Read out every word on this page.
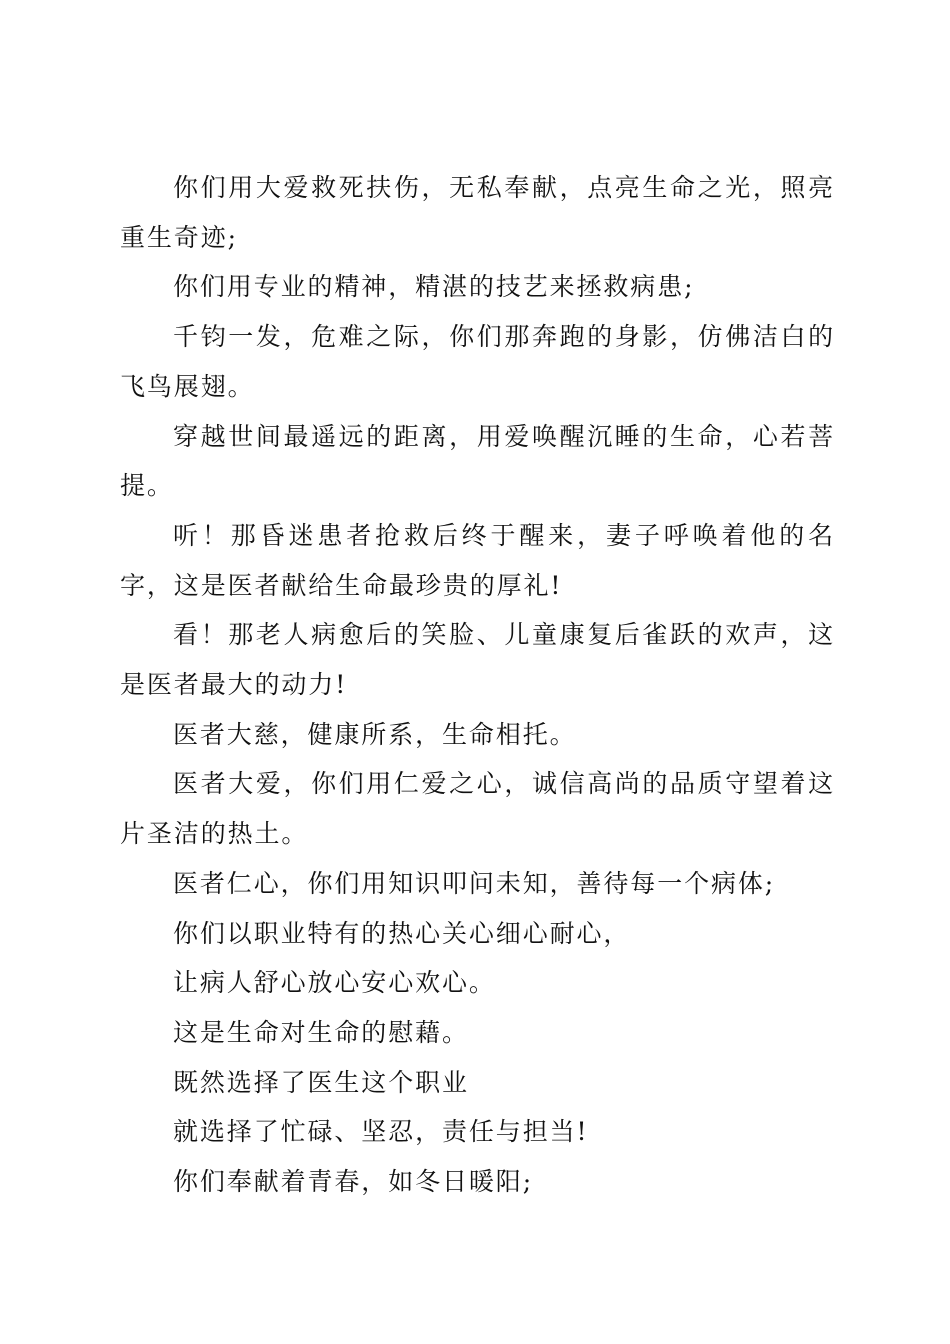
你们用大爱救死扶伤，无私奉献，点亮生命之光，照亮重生奇迹;

你们用专业的精神，精湛的技艺来拯救病患;

千钧一发，危难之际，你们那奔跑的身影，仿佛洁白的飞鸟展翅。

穿越世间最遥远的距离，用爱唤醒沉睡的生命，心若菩提。

听！那昏迷患者抢救后终于醒来，妻子呼唤着他的名字，这是医者献给生命最珍贵的厚礼!

看！那老人病愈后的笑脸、儿童康复后雀跃的欢声，这是医者最大的动力!

医者大慈，健康所系，生命相托。

医者大爱，你们用仁爱之心，诚信高尚的品质守望着这片圣洁的热土。

医者仁心，你们用知识叩问未知，善待每一个病体;

你们以职业特有的热心关心细心耐心，

让病人舒心放心安心欢心。

这是生命对生命的慰藉。

既然选择了医生这个职业

就选择了忙碌、坚忍，责任与担当!

你们奉献着青春，如冬日暖阳;
